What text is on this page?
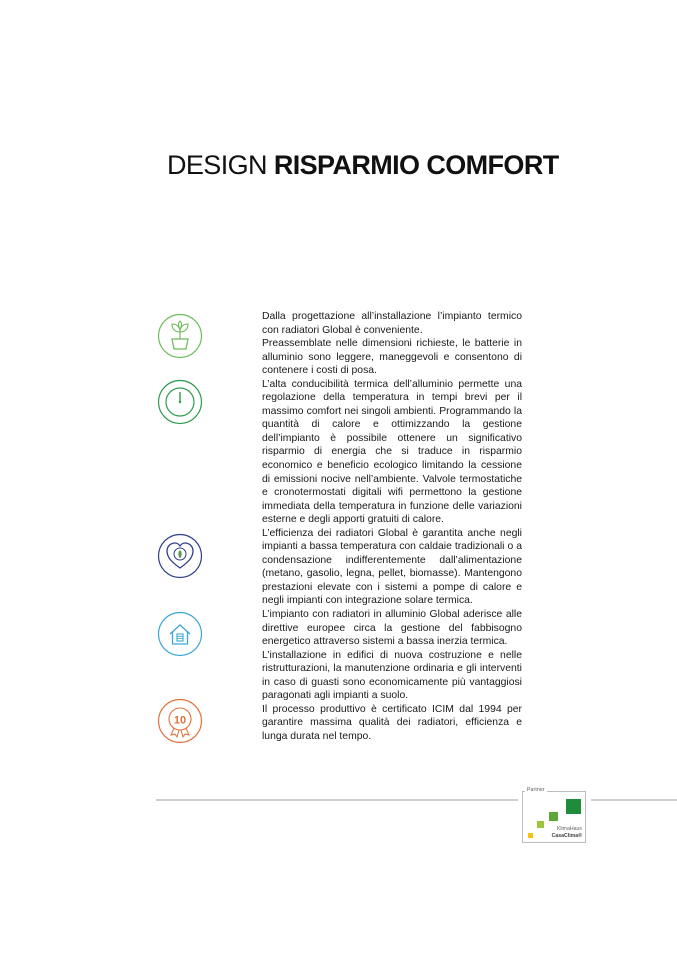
DESIGN RISPARMIO COMFORT
10

Dalla progettazione all’installazione l’impianto termico con radiatori Global è conveniente.

Preassemblate nelle dimensioni richieste, le batterie in alluminio sono leggere, maneggevoli e consentono di contenere i costi di posa.

L’alta conducibilità termica dell’alluminio permette una regolazione della temperatura in tempi brevi per il massimo comfort nei singoli ambienti. Programmando la quantità di calore e ottimizzando la gestione dell’impianto è possibile ottenere un significativo risparmio di energia che si traduce in risparmio economico e beneficio ecologico limitando la cessione di emissioni nocive nell’ambiente. Valvole termostatiche e cronotermostati digitali wifi permettono la gestione immediata della temperatura in funzione delle variazioni esterne e degli apporti gratuiti di calore.

L’efficienza dei radiatori Global è garantita anche negli impianti a bassa temperatura con caldaie tradizionali o a condensazione indifferentemente dall’alimentazione (metano, gasolio, legna, pellet, biomasse). Mantengono prestazioni elevate con i sistemi a pompe di calore e negli impianti con integrazione solare termica.

L’impianto con radiatori in alluminio Global aderisce alle direttive europee circa la gestione del fabbisogno energetico attraverso sistemi a bassa inerzia termica.

L’installazione in edifici di nuova costruzione e nelle ristrutturazioni, la manutenzione ordinaria e gli interventi in caso di guasti sono economicamente più vantaggiosi paragonati agli impianti a suolo.

Il processo produttivo è certificato ICIM dal 1994 per garantire massima qualità dei radiatori, efficienza e lunga durata nel tempo.

Partner
KlimaHaus
CasaClima®
